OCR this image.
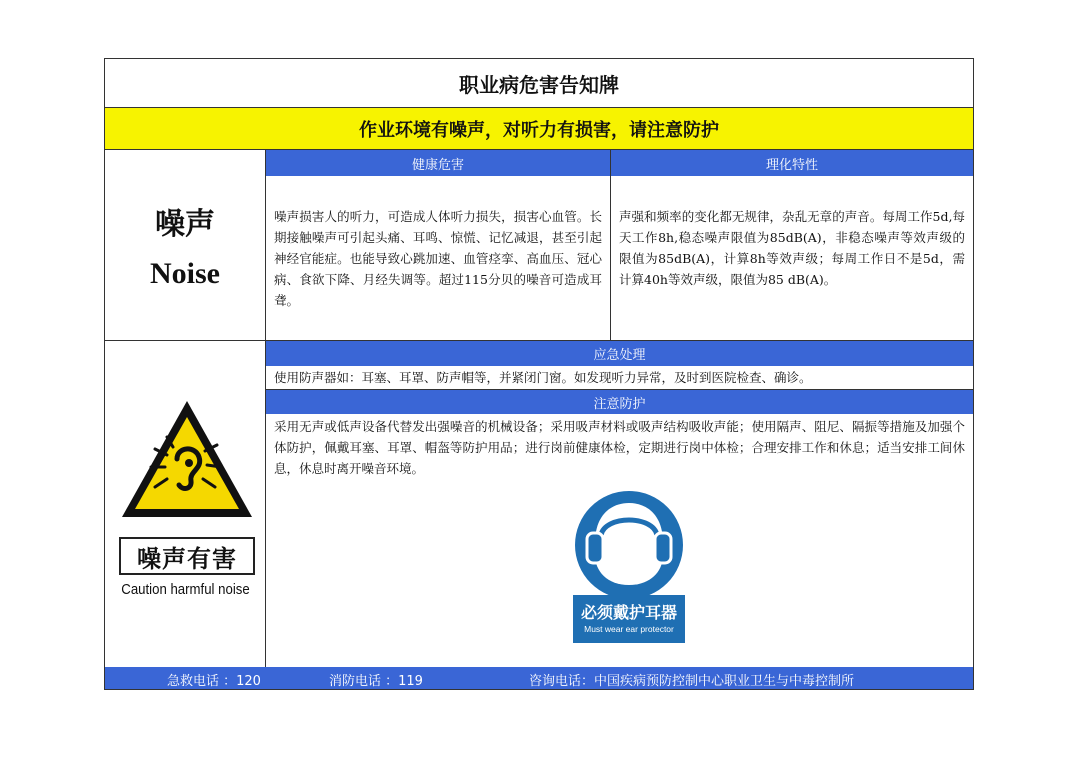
职业病危害告知牌
作业环境有噪声，对听力有损害，请注意防护
噪声
Noise
健康危害	理化特性
噪声损害人的听力，可造成人体听力损失，损害心血管。长期接触噪声可引起头痛、耳鸣、惊慌、记忆减退，甚至引起神经官能症。也能导致心跳加速、血管痉挛、高血压、冠心病、食欲下降、月经失调等。超过115分贝的噪音可造成耳聋。
声强和频率的变化都无规律，杂乱无章的声音。每周工作5d,每天工作8h,稳态噪声限值为85dB(A)，非稳态噪声等效声级的限值为85dB(A)，计算8h等效声级；每周工作日不是5d，需计算40h等效声级，限值为85 dB(A)。
噪声有害
Caution harmful noise
应急处理
使用防声器如：耳塞、耳罩、防声帽等，并紧闭门窗。如发现听力异常，及时到医院检查、确诊。
注意防护
采用无声或低声设备代替发出强噪音的机械设备；采用吸声材料或吸声结构吸收声能；使用隔声、阻尼、隔振等措施及加强个体防护，佩戴耳塞、耳罩、帽盔等防护用品；进行岗前健康体检，定期进行岗中体检；合理安排工作和休息；适当安排工间休息，休息时离开噪音环境。
必须戴护耳器
Must wear ear protector
急救电话 ：120	消防电话 ：119	咨询电话：中国疾病预防控制中心职业卫生与中毒控制所
